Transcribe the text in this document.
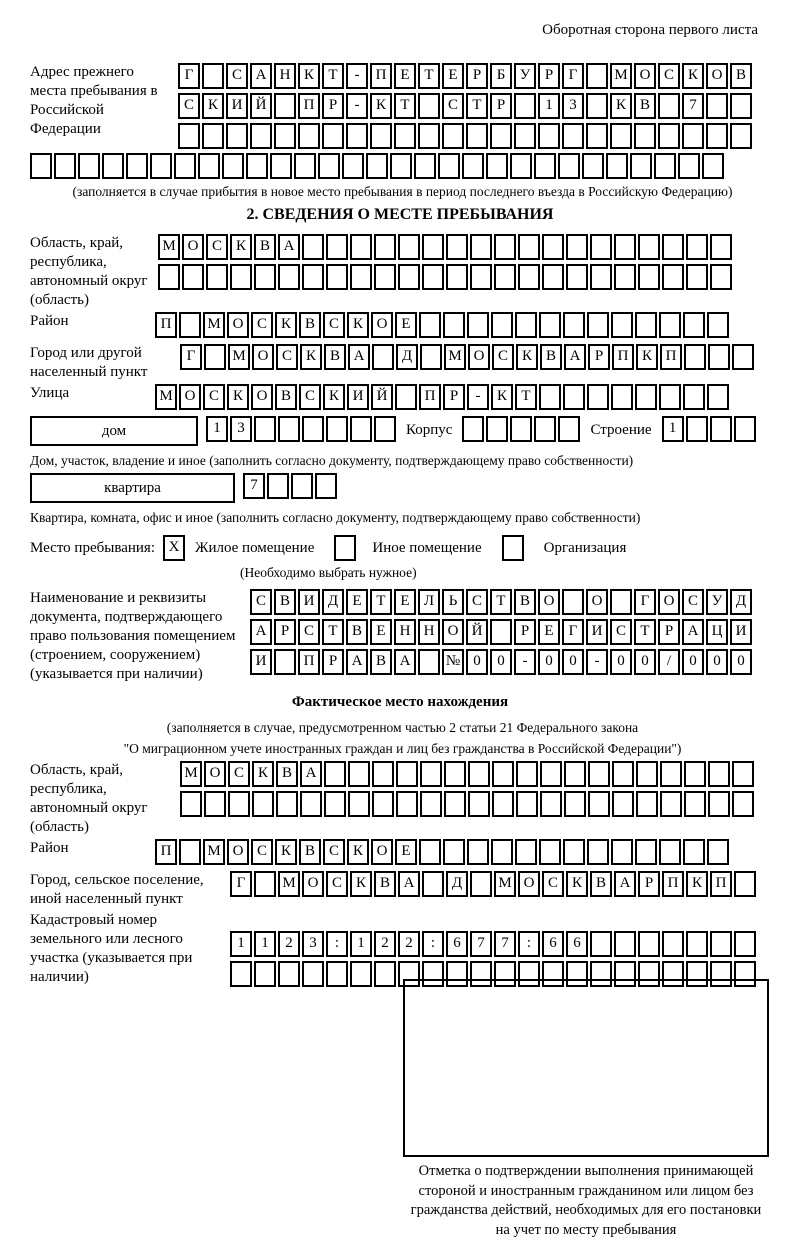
Оборотная сторона первого листа
Адрес прежнего места пребывания в Российской Федерации
Г	С А Н К Т - П Е Т Е Р Б У Р Г М О С К О В
С К И Й П Р - К Т	С Т Р	1 3	К В	7
(заполняется в случае прибытия в новое место пребывания в период последнего въезда в Российскую Федерацию)
2. СВЕДЕНИЯ О МЕСТЕ ПРЕБЫВАНИЯ
Область, край, республика, автономный округ (область)
М О С К В А
Район	П М О С К В С К О Е
Город или другой населенный пункт
Г М О С К В А Д М О С К В А Р П К П
Улица	М О С К О В С К И Й П Р - К Т
дом	1 3	Корпус	Строение	1
Дом, участок, владение и иное (заполнить согласно документу, подтверждающему право собственности)
квартира	7
Квартира, комната, офис и иное (заполнить согласно документу, подтверждающему право собственности)
Место пребывания: X	Жилое помещение	Иное помещение	Организация
(Необходимо выбрать нужное)
Наименование и реквизиты документа, подтверждающего право пользования помещением (строением, сооружением) (указывается при наличии)
С В И Д Е Т Е Л Ь С Т В О О	Г О С У Д
А Р С Т В Е Н Н О Й	Р Е Г И С Т Р А Ц И
И П Р А В А № 0 0 - 0 0 - 0 0 / 0 0 0
Фактическое место нахождения
(заполняется в случае, предусмотренном частью 2 статьи 21 Федерального закона
"О миграционном учете иностранных граждан и лиц без гражданства в Российской Федерации")
Область, край, республика, автономный округ (область)
М О С К В А
Район	П М О С К В С К О Е
Город, сельское поселение, иной населенный пункт
Г М О С К В А Д М О С К В А Р П К П
Кадастровый номер земельного или лесного участка (указывается при наличии)
1 1 2 3 : 1 2 2 : 6 7 7 : 6 6
Отметка о подтверждении выполнения принимающей
стороной и иностранным гражданином или лицом без
гражданства действий, необходимых для его постановки
на учет по месту пребывания
